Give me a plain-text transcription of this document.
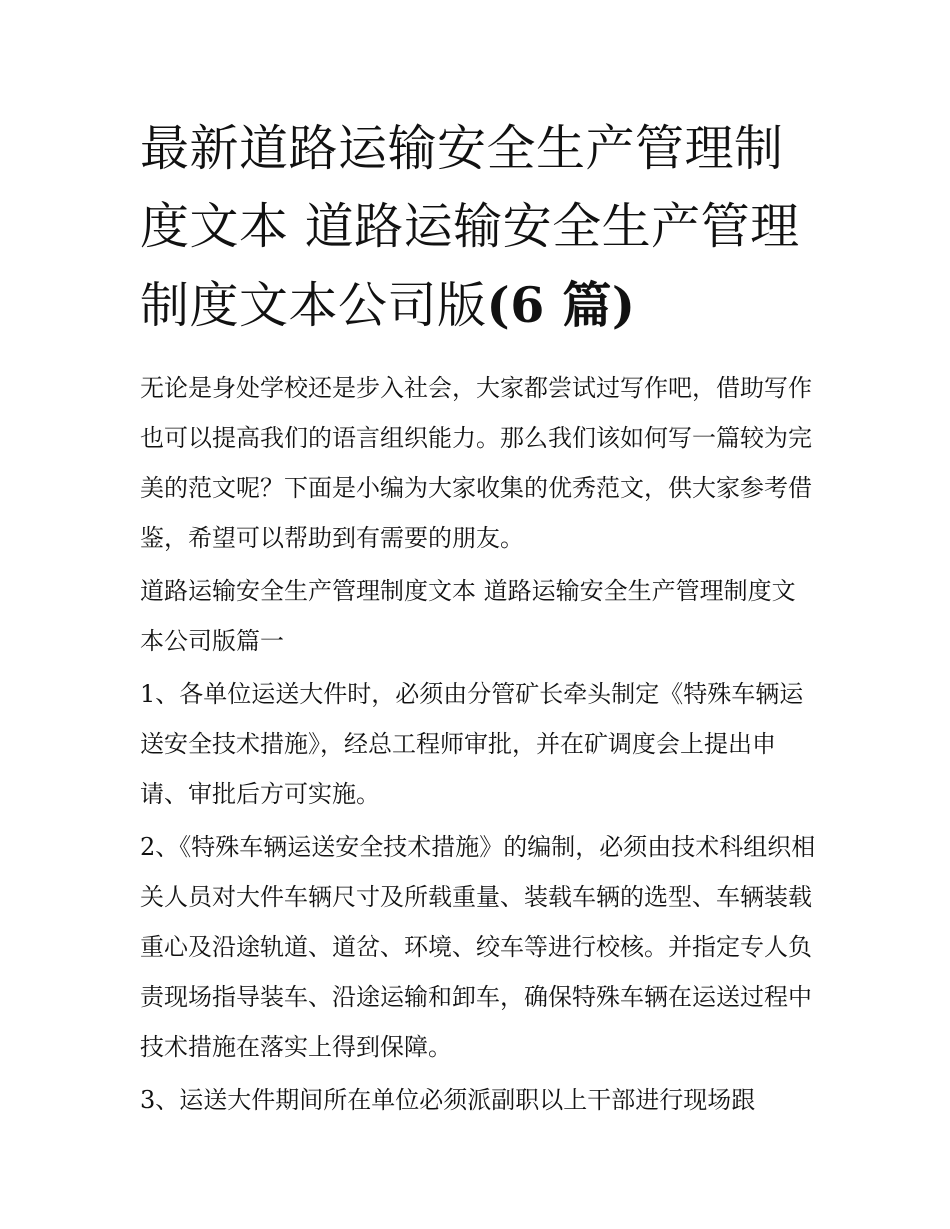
最新道路运输安全生产管理制度文本 道路运输安全生产管理制度文本公司版(6 篇)

无论是身处学校还是步入社会，大家都尝试过写作吧，借助写作也可以提高我们的语言组织能力。那么我们该如何写一篇较为完美的范文呢？下面是小编为大家收集的优秀范文，供大家参考借鉴，希望可以帮助到有需要的朋友。

道路运输安全生产管理制度文本 道路运输安全生产管理制度文本公司版篇一

1、各单位运送大件时，必须由分管矿长牵头制定《特殊车辆运送安全技术措施》，经总工程师审批，并在矿调度会上提出申请、审批后方可实施。

2、《特殊车辆运送安全技术措施》的编制，必须由技术科组织相关人员对大件车辆尺寸及所载重量、装载车辆的选型、车辆装载重心及沿途轨道、道岔、环境、绞车等进行校核。并指定专人负责现场指导装车、沿途运输和卸车，确保特殊车辆在运送过程中技术措施在落实上得到保障。

3、运送大件期间所在单位必须派副职以上干部进行现场跟
